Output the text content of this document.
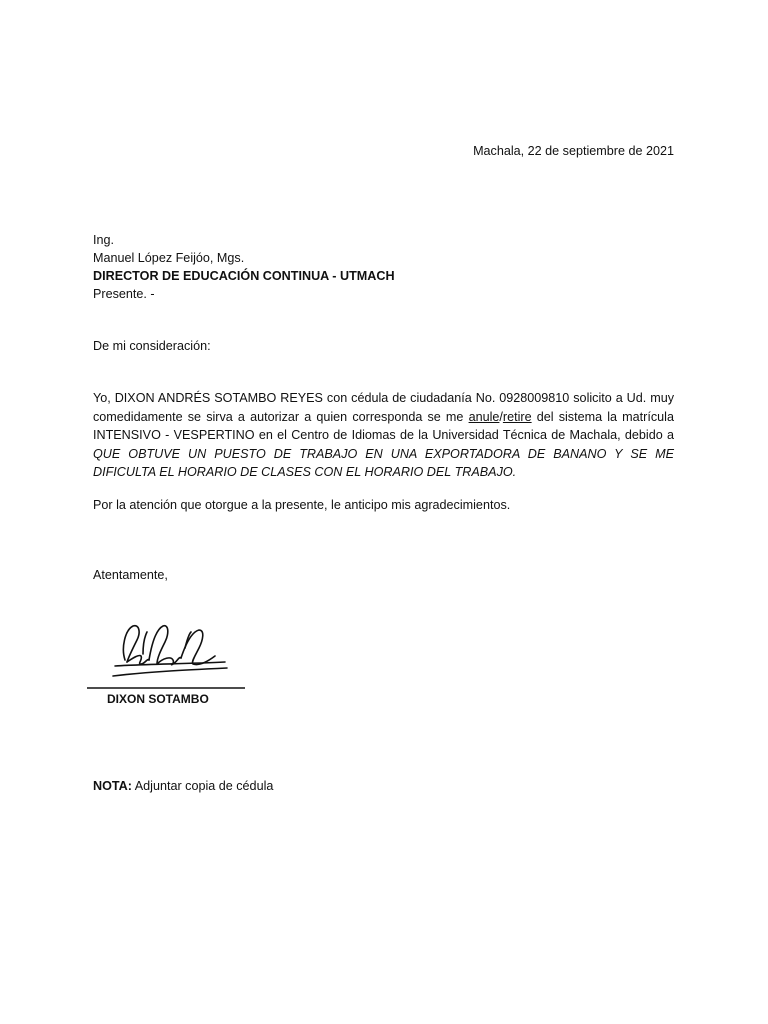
Machala, 22 de septiembre de 2021
Ing.
Manuel López Feijóo, Mgs.
DIRECTOR DE EDUCACIÓN CONTINUA - UTMACH
Presente. -
De mi consideración:
Yo, DIXON ANDRÉS SOTAMBO REYES con cédula de ciudadanía No. 0928009810 solicito a Ud. muy comedidamente se sirva a autorizar a quien corresponda se me anule/retire del sistema la matrícula INTENSIVO - VESPERTINO en el Centro de Idiomas de la Universidad Técnica de Machala, debido a QUE OBTUVE UN PUESTO DE TRABAJO EN UNA EXPORTADORA DE BANANO Y SE ME DIFICULTA EL HORARIO DE CLASES CON EL HORARIO DEL TRABAJO.
Por la atención que otorgue a la presente, le anticipo mis agradecimientos.
Atentamente,
DIXON SOTAMBO
NOTA: Adjuntar copia de cédula
